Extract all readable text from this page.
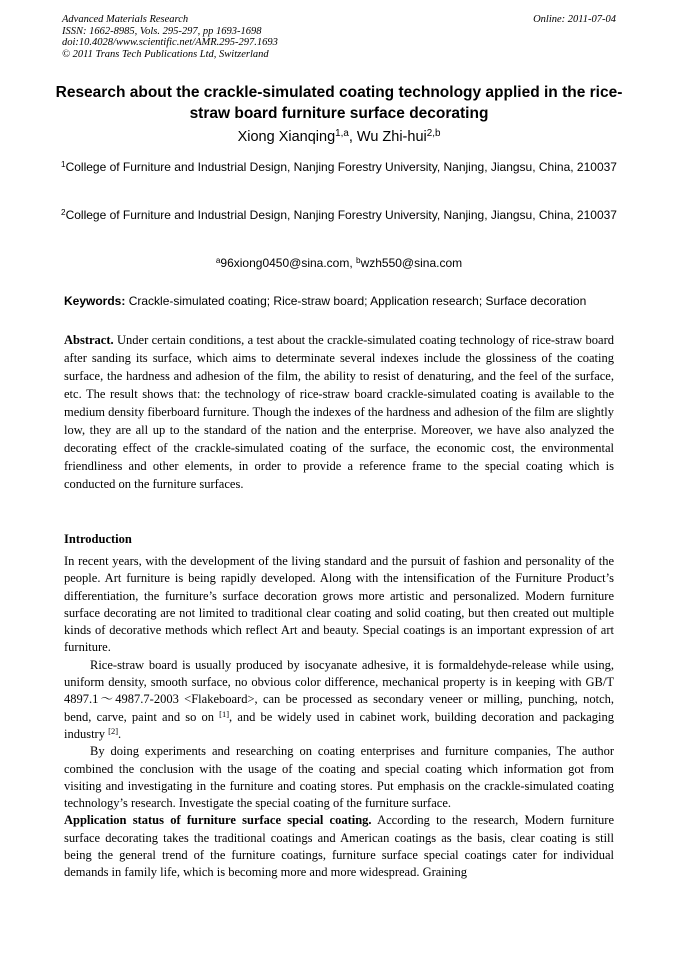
Advanced Materials Research
ISSN: 1662-8985, Vols. 295-297, pp 1693-1698
doi:10.4028/www.scientific.net/AMR.295-297.1693
© 2011 Trans Tech Publications Ltd, Switzerland
Online: 2011-07-04
Research about the crackle-simulated coating technology applied in the rice-straw board furniture surface decorating
Xiong Xianqing$^{1,a}$, Wu Zhi-hui$^{2,b}$
$^1$College of Furniture and Industrial Design, Nanjing Forestry University, Nanjing, Jiangsu, China, 210037
$^2$College of Furniture and Industrial Design, Nanjing Forestry University, Nanjing, Jiangsu, China, 210037
$^a$96xiong0450@sina.com, $^b$wzh550@sina.com
Keywords: Crackle-simulated coating; Rice-straw board; Application research; Surface decoration
Abstract. Under certain conditions, a test about the crackle-simulated coating technology of rice-straw board after sanding its surface, which aims to determinate several indexes include the glossiness of the coating surface, the hardness and adhesion of the film, the ability to resist of denaturing, and the feel of the surface, etc. The result shows that: the technology of rice-straw board crackle-simulated coating is available to the medium density fiberboard furniture. Though the indexes of the hardness and adhesion of the film are slightly low, they are all up to the standard of the nation and the enterprise. Moreover, we have also analyzed the decorating effect of the crackle-simulated coating of the surface, the economic cost, the environmental friendliness and other elements, in order to provide a reference frame to the special coating which is conducted on the furniture surfaces.
Introduction

In recent years, with the development of the living standard and the pursuit of fashion and personality of the people. Art furniture is being rapidly developed. Along with the intensification of the Furniture Product’s differentiation, the furniture’s surface decoration grows more artistic and personalized. Modern furniture surface decorating are not limited to traditional clear coating and solid coating, but then created out multiple kinds of decorative methods which reflect Art and beauty. Special coatings is an important expression of art furniture.

Rice-straw board is usually produced by isocyanate adhesive, it is formaldehyde-release while using, uniform density, smooth surface, no obvious color difference, mechanical property is in keeping with GB/T 4897.1～4987.7-2003 <Flakeboard>, can be processed as secondary veneer or milling, punching, notch, bend, carve, paint and so on [1], and be widely used in cabinet work, building decoration and packaging industry [2].

By doing experiments and researching on coating enterprises and furniture companies, The author combined the conclusion with the usage of the coating and special coating which information got from visiting and investigating in the furniture and coating stores. Put emphasis on the crackle-simulated coating technology’s research. Investigate the special coating of the furniture surface.

Application status of furniture surface special coating. According to the research, Modern furniture surface decorating takes the traditional coatings and American coatings as the basis, clear coating is still being the general trend of the furniture coatings, furniture surface special coatings cater for individual demands in family life, which is becoming more and more widespread. Graining
